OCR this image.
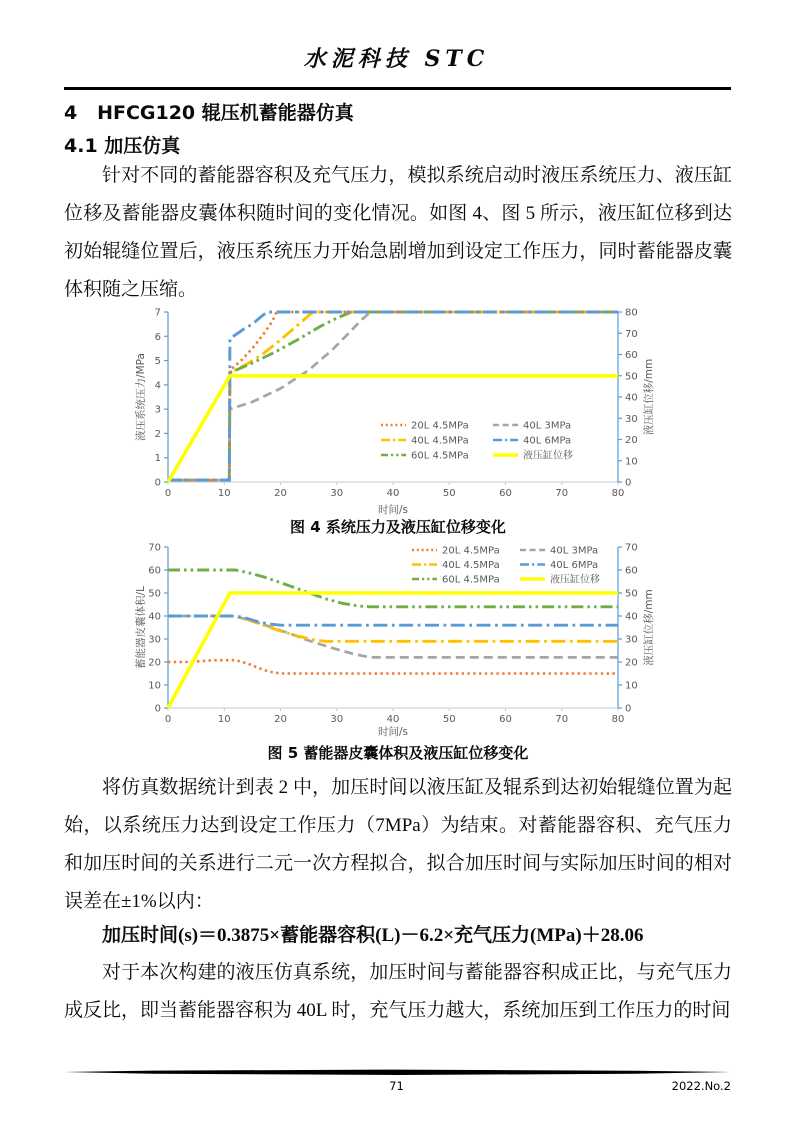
水泥科技 STC
4   HFCG120 辊压机蓄能器仿真
4.1 加压仿真
针对不同的蓄能器容积及充气压力，模拟系统启动时液压系统压力、液压缸位移及蓄能器皮囊体积随时间的变化情况。如图 4、图 5 所示，液压缸位移到达初始辊缝位置后，液压系统压力开始急剧增加到设定工作压力，同时蓄能器皮囊体积随之压缩。
0	10	20	30	40	50	60	70	80
0
1
2
3
4
5
6
7
0
10
20
30
40
50
60
70
80
时间/s
液压系统压力/MPa	液压缸位移/mm
20L 4.5MPa	40L 3MPa
40L 4.5MPa	40L 6MPa
60L 4.5MPa	液压缸位移
图 4 系统压力及液压缸位移变化
0	10	20	30	40	50	60	70	80
0
10
20
30
40
50
60
70
0
10
20
30
40
50
60
70
时间/s
蓄能器皮囊体积/L	液压缸位移/mm
20L 4.5MPa	40L 3MPa
40L 4.5MPa	40L 6MPa
60L 4.5MPa	液压缸位移
图 5 蓄能器皮囊体积及液压缸位移变化
将仿真数据统计到表 2 中，加压时间以液压缸及辊系到达初始辊缝位置为起始，以系统压力达到设定工作压力（7MPa）为结束。对蓄能器容积、充气压力和加压时间的关系进行二元一次方程拟合，拟合加压时间与实际加压时间的相对误差在±1%以内：
加压时间(s)＝0.3875×蓄能器容积(L)－6.2×充气压力(MPa)＋28.06
对于本次构建的液压仿真系统，加压时间与蓄能器容积成正比，与充气压力成反比，即当蓄能器容积为 40L 时，充气压力越大，系统加压到工作压力的时间
71	2022.No.2
